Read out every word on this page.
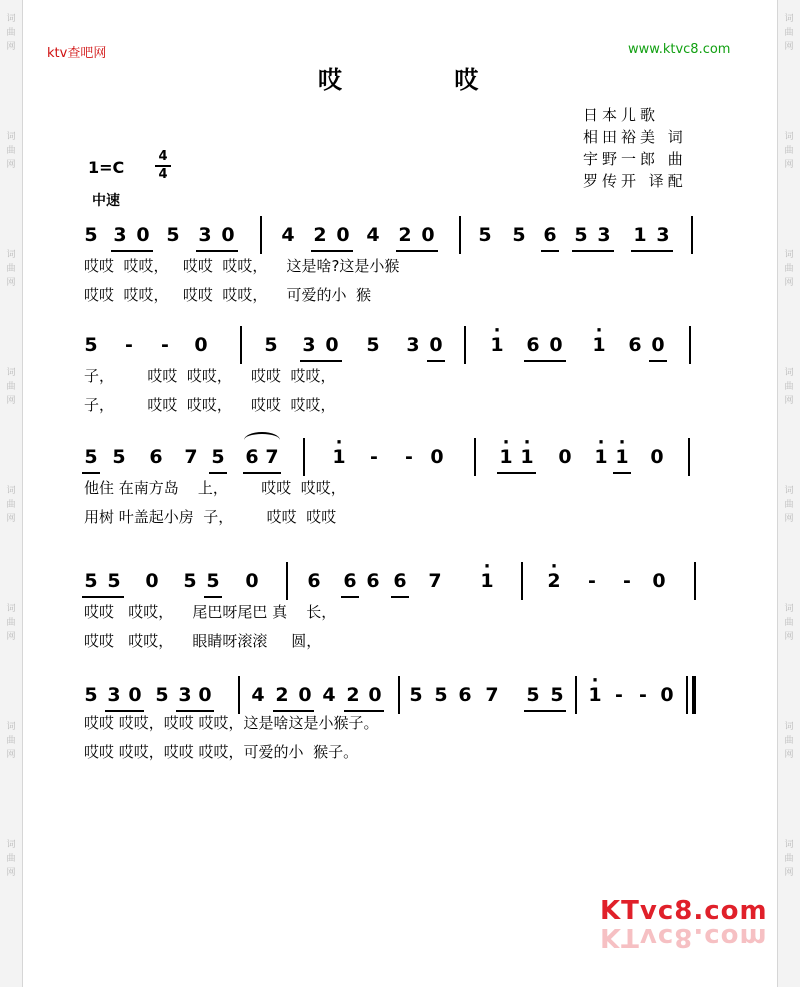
词曲网
词曲网
词曲网
词曲网
词曲网
词曲网
词曲网
词曲网
词曲网
词曲网
词曲网
词曲网
词曲网
词曲网
词曲网
词曲网
ktv查吧网	www.ktvc8.com
哎 哎
日本儿歌
相田裕美 词
宇野一郎 曲
罗传开 译配
1=C
4
4
中速
5 3 0 5 3 0 4 2 0 4 2 0 5 5 6 5 3 1 3
哎哎  哎哎，   哎哎  哎哎，    这是啥?这是小猴
哎哎  哎哎，   哎哎  哎哎，    可爱的小  猴
5 - - 0	5 3 0 5 3 0	· 1 6 0 · 1 6 0
子，       哎哎  哎哎，    哎哎  哎哎，
子，       哎哎  哎哎，    哎哎  哎哎，
5 5 6 7 5 6 7	· 1 - - 0	· 1 · 1 0 · 1 · 1 0
他住 在南方岛    上，       哎哎  哎哎，
用树 叶盖起小房  子，       哎哎  哎哎
5 5 0 5 5 0	6 6 6 6 7 · 1	· 2 - - 0
哎哎   哎哎，    尾巴呀尾巴 真    长，
哎哎   哎哎，    眼睛呀滚滚     圆，
5 3 0 5 3 0 4 2 0 4 2 0 5 5 6 7 5 5 · 1 - - 0
哎哎 哎哎，哎哎 哎哎，这是啥这是小猴子。
哎哎 哎哎，哎哎 哎哎，可爱的小  猴子。
KTvc8.com
KTvc8.com
